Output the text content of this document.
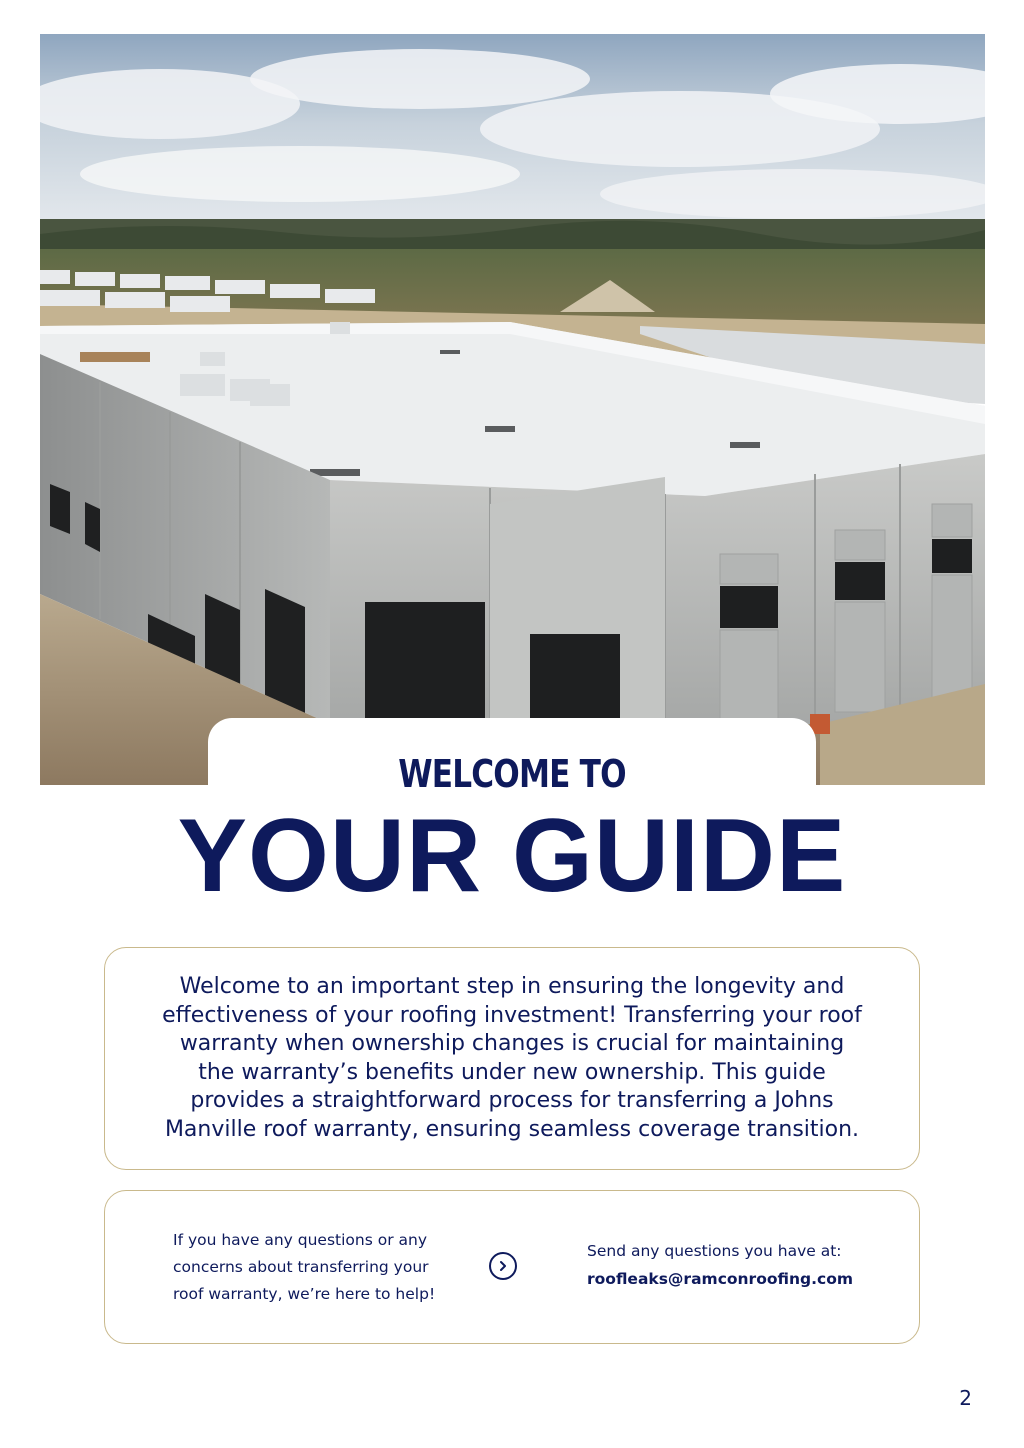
WELCOME TO
YOUR GUIDE

Welcome to an important step in ensuring the longevity and effectiveness of your roofing investment! Transferring your roof warranty when ownership changes is crucial for maintaining the warranty’s benefits under new ownership. This guide provides a straightforward process for transferring a Johns Manville roof warranty, ensuring seamless coverage transition.

If you have any questions or any concerns about transferring your roof warranty, we’re here to help!

Send any questions you have at:
roofleaks@ramconroofing.com
2
